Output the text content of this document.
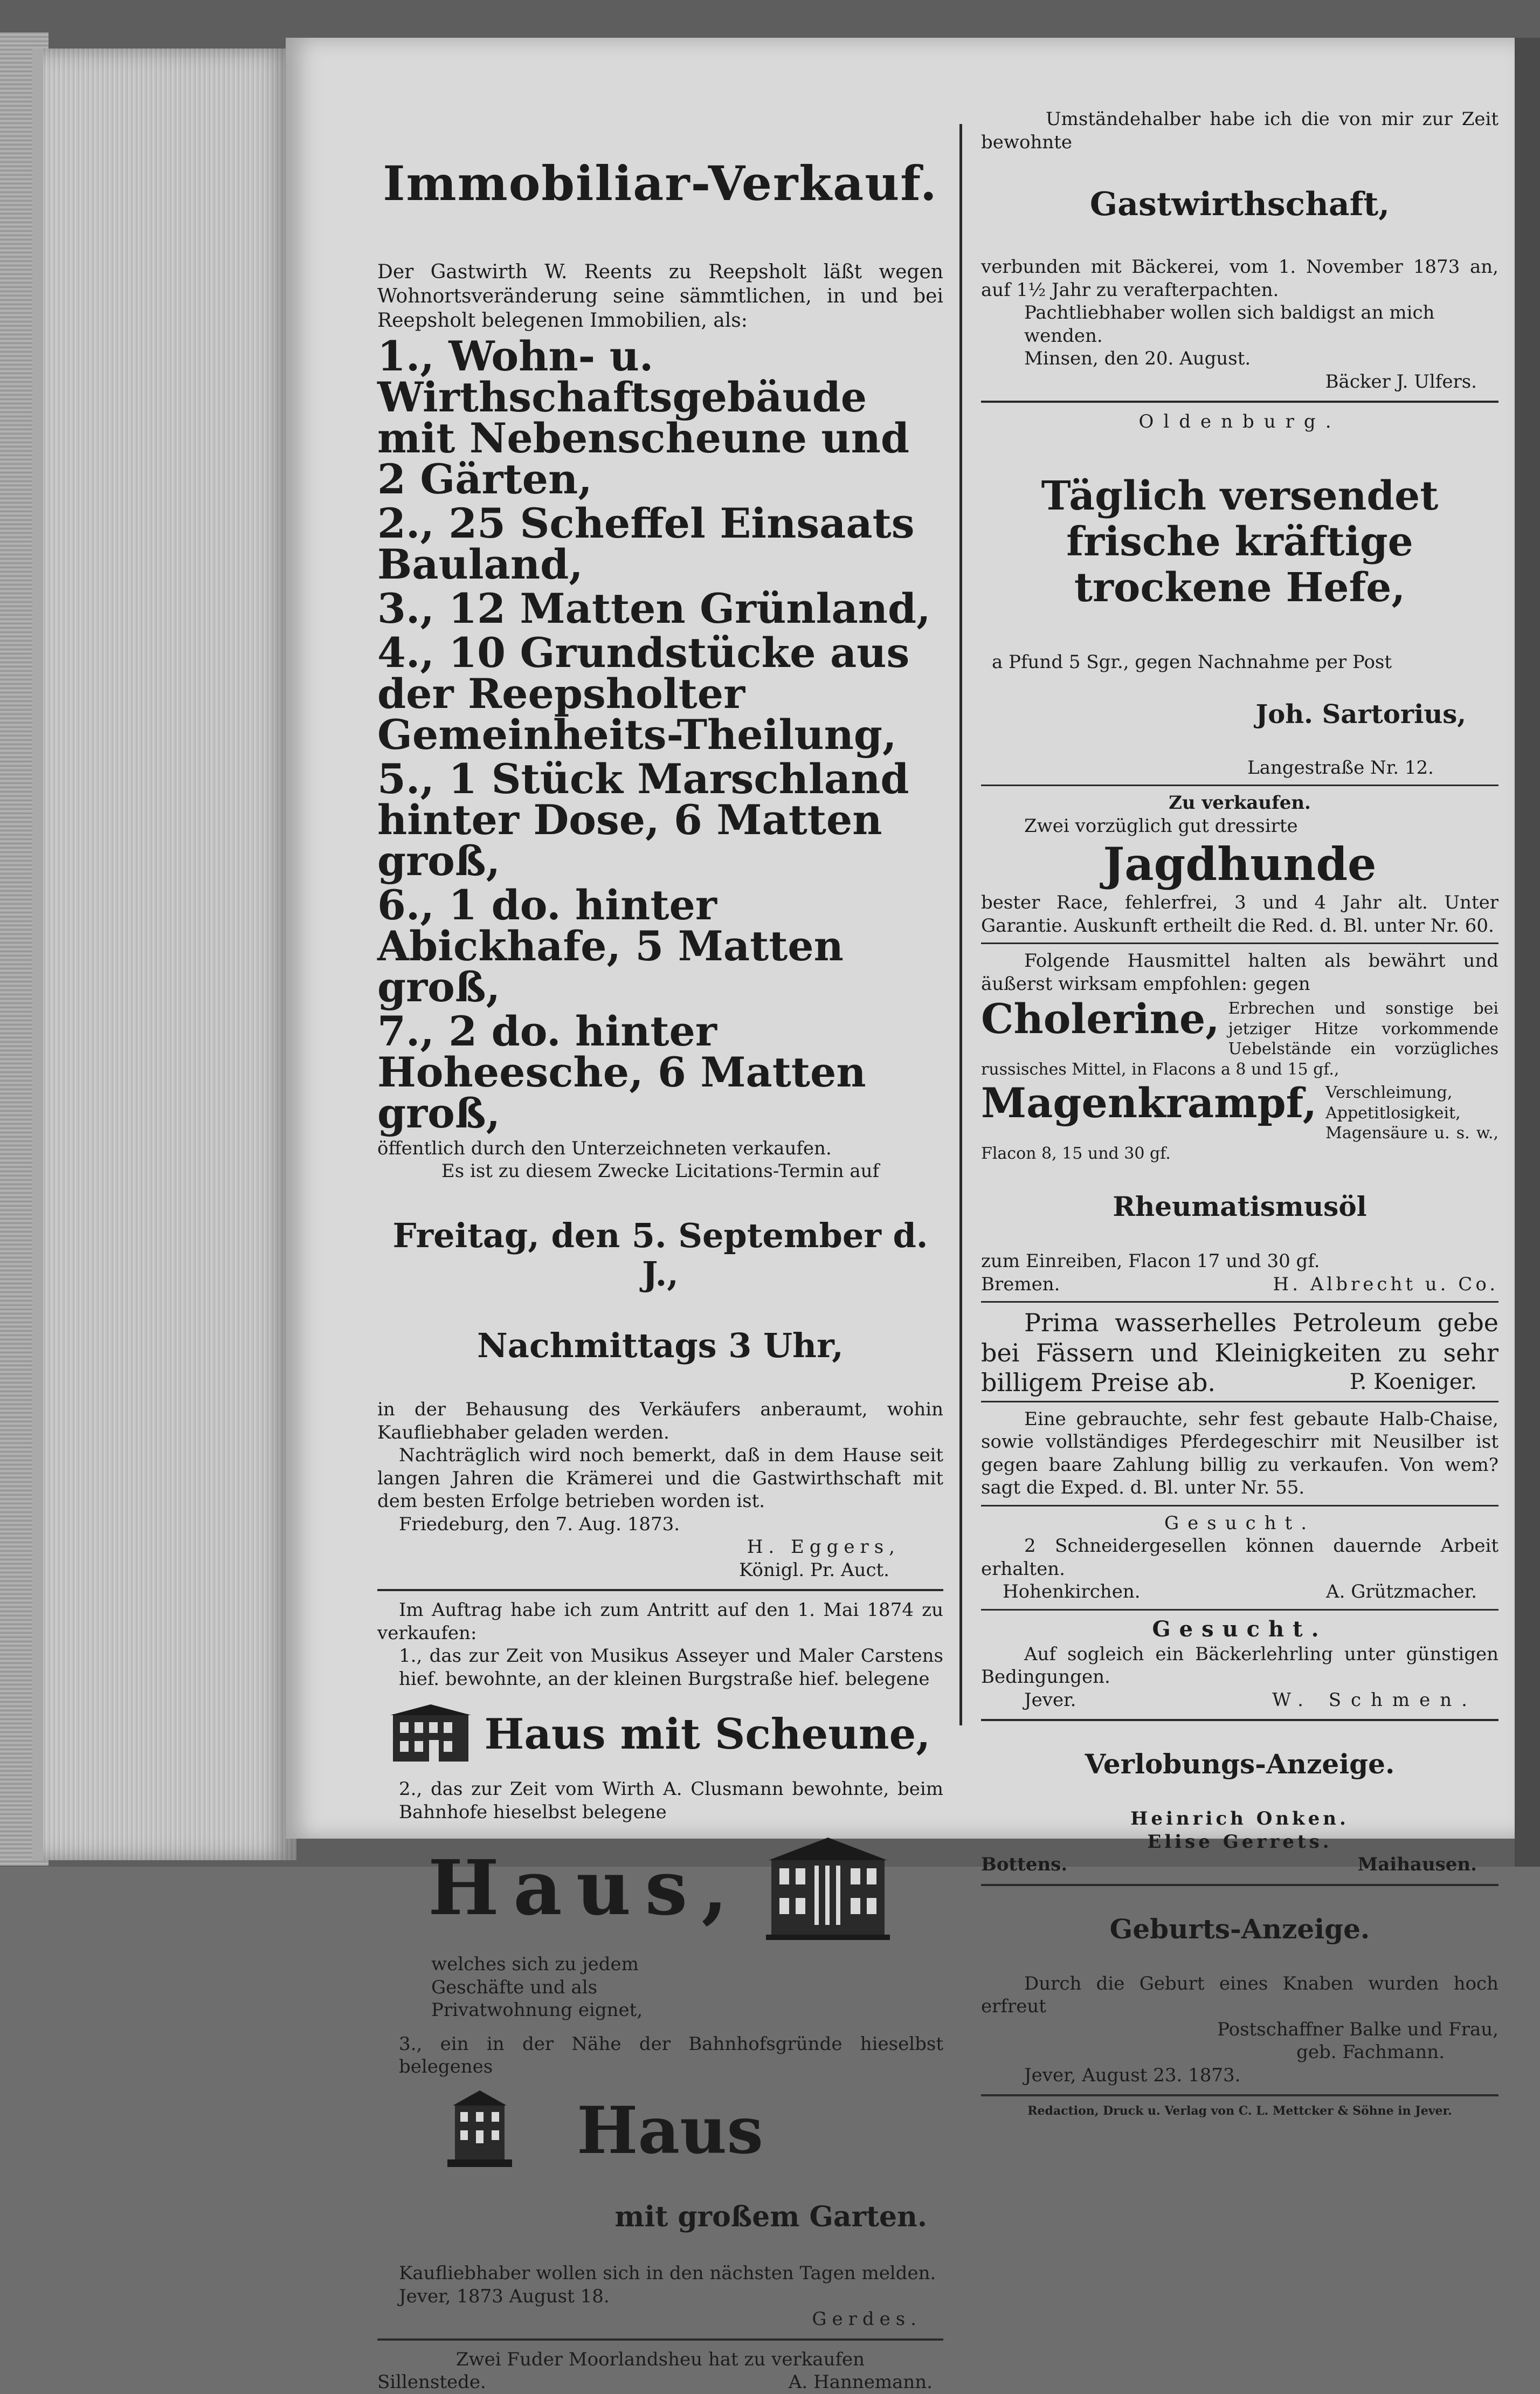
Immobiliar-Verkauf.

Der Gastwirth W. Reents zu Reepsholt läßt wegen Wohnortsveränderung seine sämmtlichen, in und bei Reepsholt belegenen Immobilien, als:

1., Wohn- u. Wirthschaftsgebäude mit Nebenscheune und 2 Gärten,

2., 25 Scheffel Einsaats Bauland,

3., 12 Matten Grünland,

4., 10 Grundstücke aus der Reepsholter Gemeinheits-Theilung,

5., 1 Stück Marschland hinter Dose, 6 Matten groß,

6., 1 do. hinter Abickhafe, 5 Matten groß,

7., 2 do. hinter Hoheesche, 6 Matten groß,

öffentlich durch den Unterzeichneten verkaufen.

Es ist zu diesem Zwecke Licitations-Termin auf

Freitag, den 5. September d. J.,

Nachmittags 3 Uhr,

in der Behausung des Verkäufers anberaumt, wohin Kaufliebhaber geladen werden.

Nachträglich wird noch bemerkt, daß in dem Hause seit langen Jahren die Krämerei und die Gastwirthschaft mit dem besten Erfolge betrieben worden ist.

Friedeburg, den 7. Aug. 1873.

H. Eggers,

Königl. Pr. Auct.

Im Auftrag habe ich zum Antritt auf den 1. Mai 1874 zu verkaufen:

1., das zur Zeit von Musikus Asseyer und Maler Carstens hief. bewohnte, an der kleinen Burgstraße hief. belegene

Haus mit Scheune,

2., das zur Zeit vom Wirth A. Clusmann bewohnte, beim Bahnhofe hieselbst belegene

Haus,

welches sich zu jedem Geschäfte und als Privatwohnung eignet,

3., ein in der Nähe der Bahnhofsgründe hieselbst belegenes

Haus

mit großem Garten.

Kaufliebhaber wollen sich in den nächsten Tagen melden.

Jever, 1873 August 18.

Gerdes.

Zwei Fuder Moorlandsheu hat zu verkaufen

Sillenstede.	A. Hannemann.

Umständehalber habe ich die von mir zur Zeit bewohnte

Gastwirthschaft,

verbunden mit Bäckerei, vom 1. November 1873 an, auf 1½ Jahr zu verafterpachten.

Pachtliebhaber wollen sich baldigst an mich wenden.

Minsen, den 20. August.

Bäcker J. Ulfers.

Oldenburg.

Täglich versendet frische kräftige trockene Hefe,

a Pfund 5 Sgr., gegen Nachnahme per Post

Joh. Sartorius,

Langestraße Nr. 12.

Zu verkaufen.

Zwei vorzüglich gut dressirte

Jagdhunde

bester Race, fehlerfrei, 3 und 4 Jahr alt. Unter Garantie. Auskunft ertheilt die Red. d. Bl. unter Nr. 60.

Folgende Hausmittel halten als bewährt und äußerst wirksam empfohlen: gegen

Cholerine, Erbrechen und sonstige bei jetziger Hitze vorkommende Uebelstände ein vorzügliches russisches Mittel, in Flacons a 8 und 15 gf.,

Magenkrampf, Verschleimung, Appetitlosigkeit, Magensäure u. s. w., Flacon 8, 15 und 30 gf.

Rheumatismusöl

zum Einreiben, Flacon 17 und 30 gf.

Bremen.	H. Albrecht u. Co.

Prima wasserhelles Petroleum gebe bei Fässern und Kleinigkeiten zu sehr billigem Preise ab.	P. Koeniger.

Eine gebrauchte, sehr fest gebaute Halb-Chaise, sowie vollständiges Pferdegeschirr mit Neusilber ist gegen baare Zahlung billig zu verkaufen. Von wem? sagt die Exped. d. Bl. unter Nr. 55.

Gesucht.

2 Schneidergesellen können dauernde Arbeit erhalten.

Hohenkirchen.	A. Grützmacher.

Gesucht.

Auf sogleich ein Bäckerlehrling unter günstigen Bedingungen.

Jever.	W. Schmen.

Verlobungs-Anzeige.

Heinrich Onken.

Elise Gerrets.

Bottens.	Maihausen.

Geburts-Anzeige.

Durch die Geburt eines Knaben wurden hoch erfreut

Postschaffner Balke und Frau,

geb. Fachmann.

Jever, August 23. 1873.

Redaction, Druck u. Verlag von C. L. Mettcker & Söhne in Jever.
